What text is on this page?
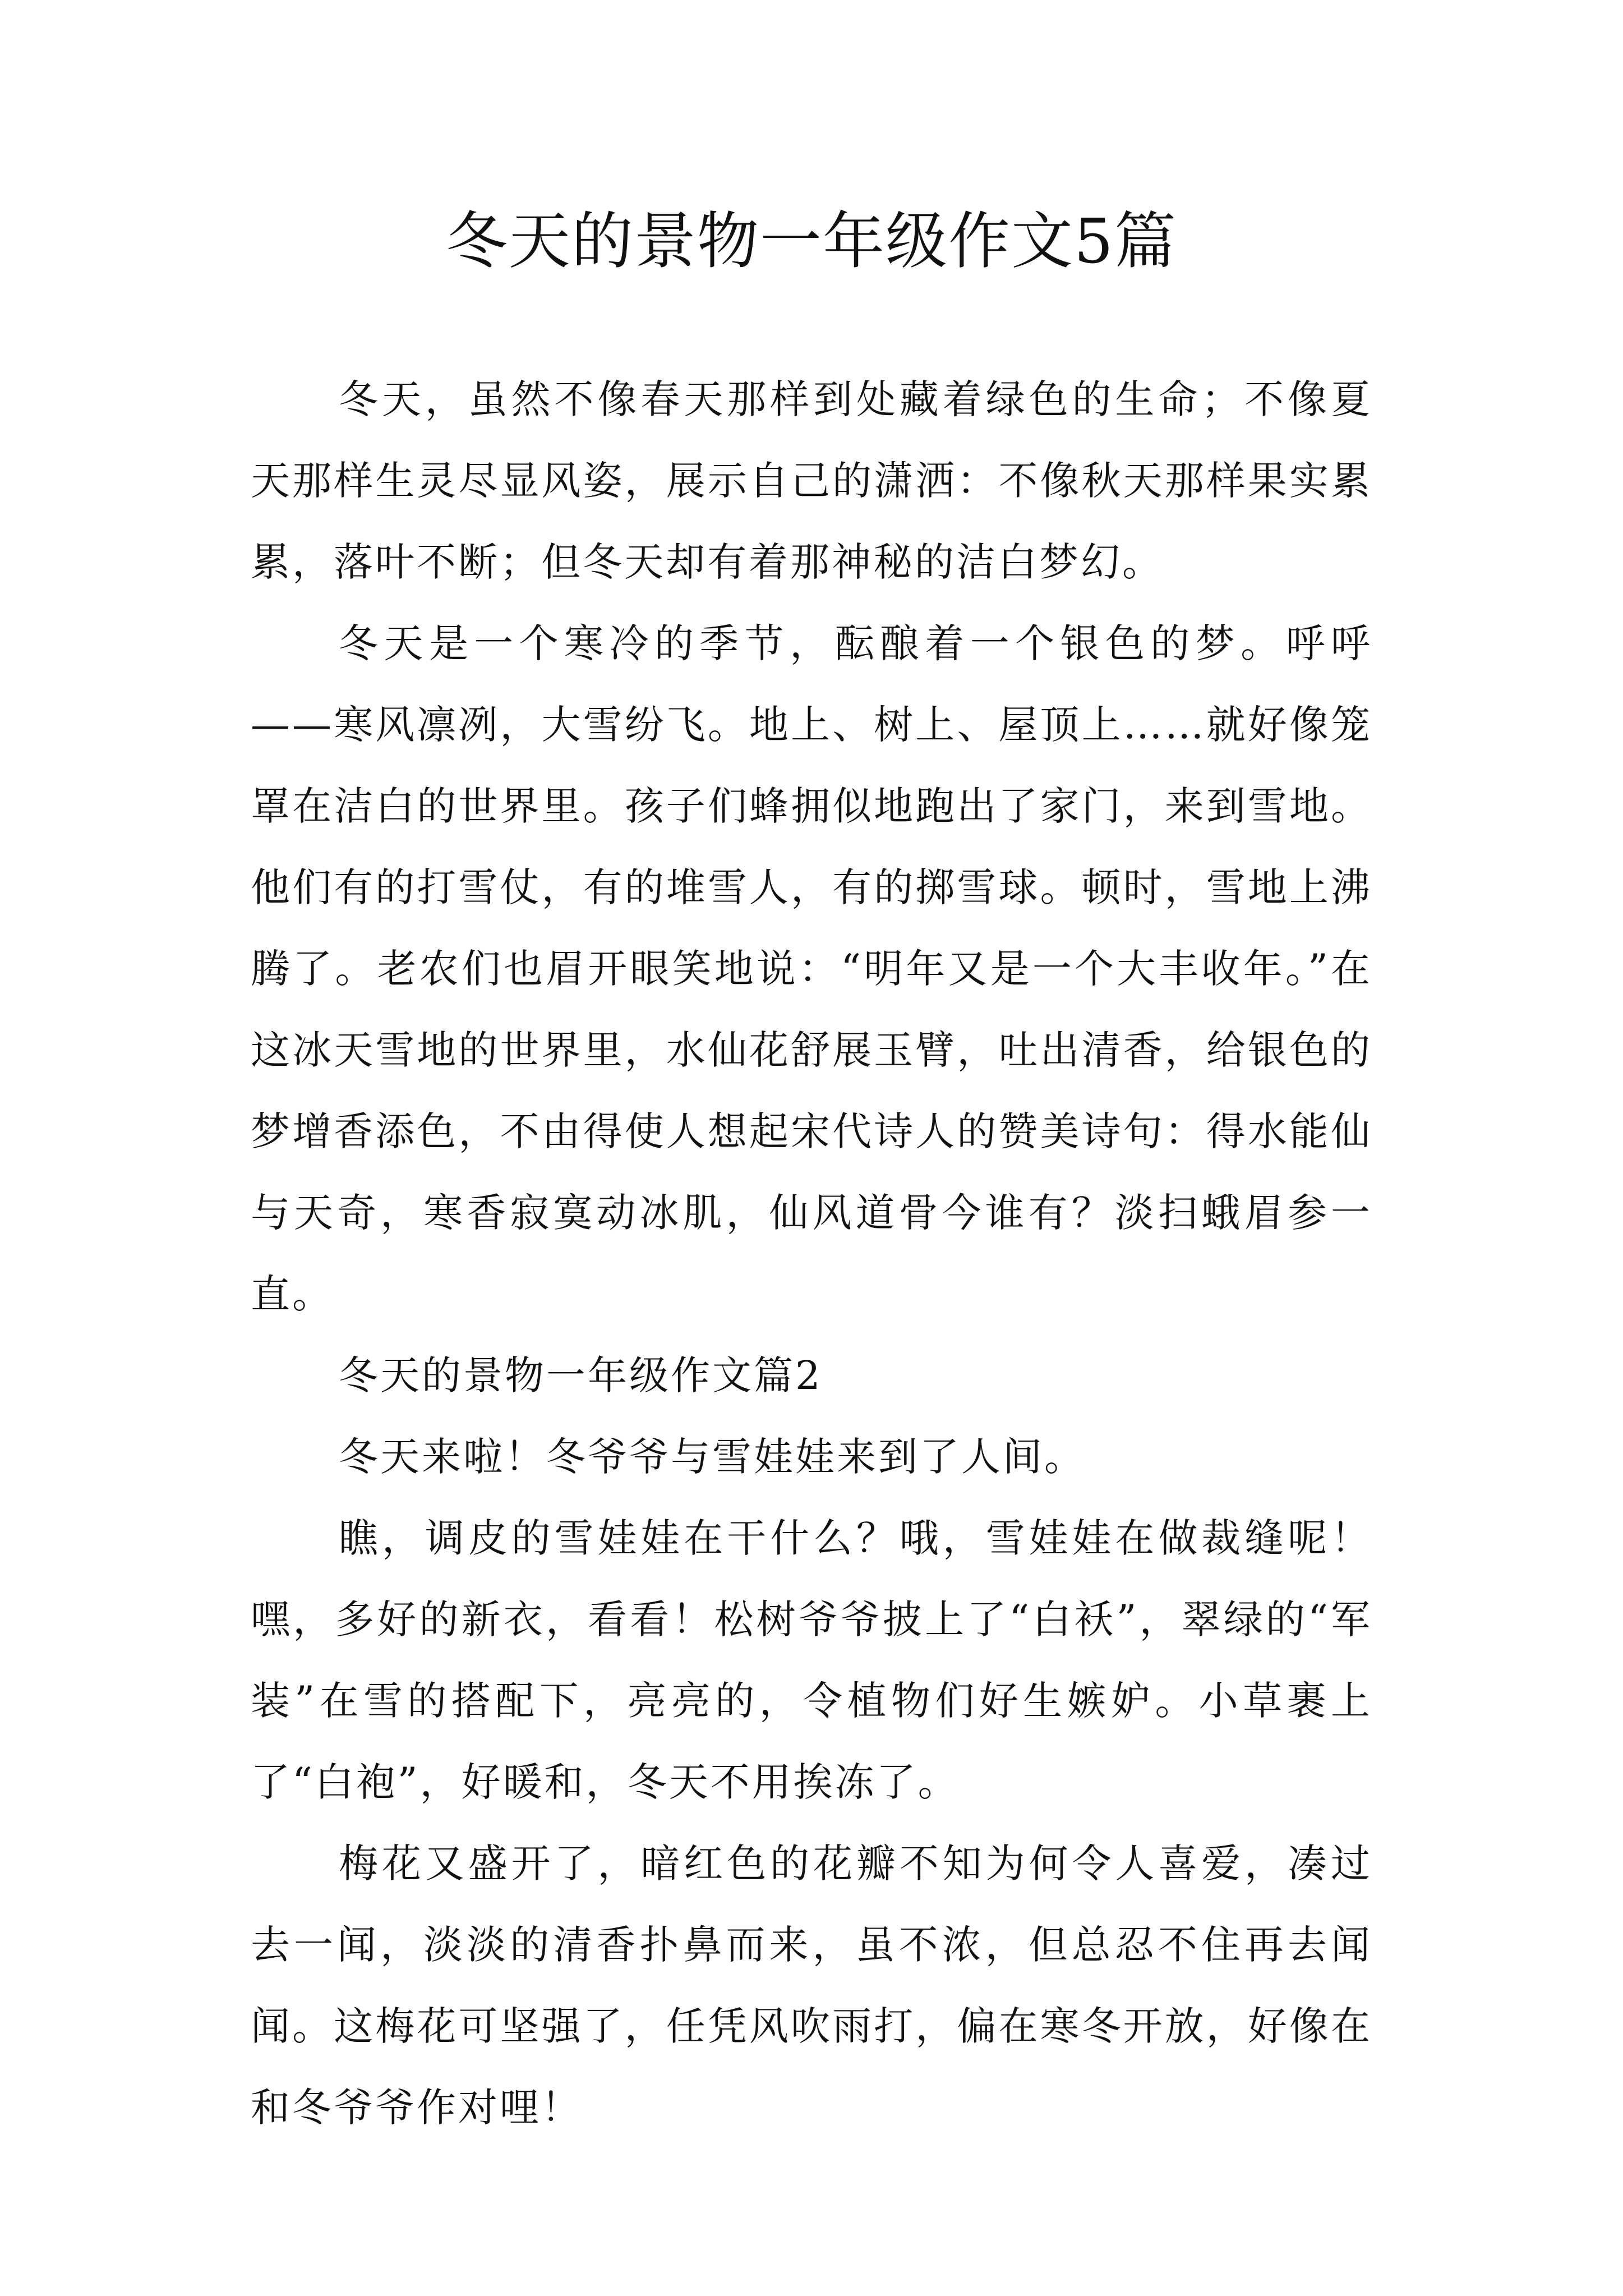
冬天的景物一年级作文5篇

冬天，虽然不像春天那样到处藏着绿色的生命；不像夏天那样生灵尽显风姿，展示自己的潇洒：不像秋天那样果实累累，落叶不断；但冬天却有着那神秘的洁白梦幻。

冬天是一个寒冷的季节，酝酿着一个银色的梦。呼呼——寒风凛冽，大雪纷飞。地上、树上、屋顶上……就好像笼罩在洁白的世界里。孩子们蜂拥似地跑出了家门，来到雪地。他们有的打雪仗，有的堆雪人，有的掷雪球。顿时，雪地上沸腾了。老农们也眉开眼笑地说：“明年又是一个大丰收年。”在这冰天雪地的世界里，水仙花舒展玉臂，吐出清香，给银色的梦增香添色，不由得使人想起宋代诗人的赞美诗句：得水能仙与天奇，寒香寂寞动冰肌，仙风道骨今谁有？淡扫蛾眉参一直。

冬天的景物一年级作文篇2

冬天来啦！冬爷爷与雪娃娃来到了人间。

瞧，调皮的雪娃娃在干什么？哦，雪娃娃在做裁缝呢！嘿，多好的新衣，看看！松树爷爷披上了“白袄”，翠绿的“军装”在雪的搭配下，亮亮的，令植物们好生嫉妒。小草裹上了“白袍”，好暖和，冬天不用挨冻了。

梅花又盛开了，暗红色的花瓣不知为何令人喜爱，凑过去一闻，淡淡的清香扑鼻而来，虽不浓，但总忍不住再去闻闻。这梅花可坚强了，任凭风吹雨打，偏在寒冬开放，好像在和冬爷爷作对哩！
